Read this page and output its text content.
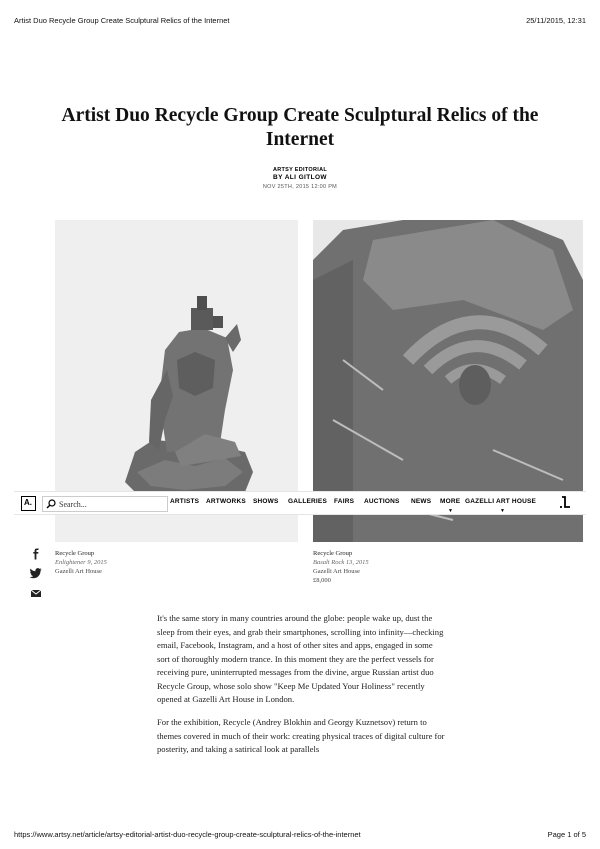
Artist Duo Recycle Group Create Sculptural Relics of the Internet	25/11/2015, 12:31
Artist Duo Recycle Group Create Sculptural Relics of the Internet
ARTSY EDITORIAL
BY ALI GITLOW
NOV 25TH, 2015 12:00 PM
A.
Search...	ARTISTS ARTWORKS SHOWS GALLERIES FAIRS AUCTIONS NEWS MORE
▼
GAZELLI ART HOUSE
▼
Recycle Group
Enlightener 9, 2015
Gazelli Art House
Recycle Group
Basalt Rock 13, 2015
Gazelli Art House
£8,000

It's the same story in many countries around the globe: people wake up, dust the sleep from their eyes, and grab their smartphones, scrolling into infinity—checking email, Facebook, Instagram, and a host of other sites and apps, engaged in some sort of thoroughly modern trance. In this moment they are the perfect vessels for receiving pure, uninterrupted messages from the divine, argue Russian artist duo Recycle Group, whose solo show "Keep Me Updated Your Holiness" recently opened at Gazelli Art House in London.

For the exhibition, Recycle (Andrey Blokhin and Georgy Kuznetsov) return to themes covered in much of their work: creating physical traces of digital culture for posterity, and taking a satirical look at parallels

https://www.artsy.net/article/artsy-editorial-artist-duo-recycle-group-create-sculptural-relics-of-the-internet	Page 1 of 5
